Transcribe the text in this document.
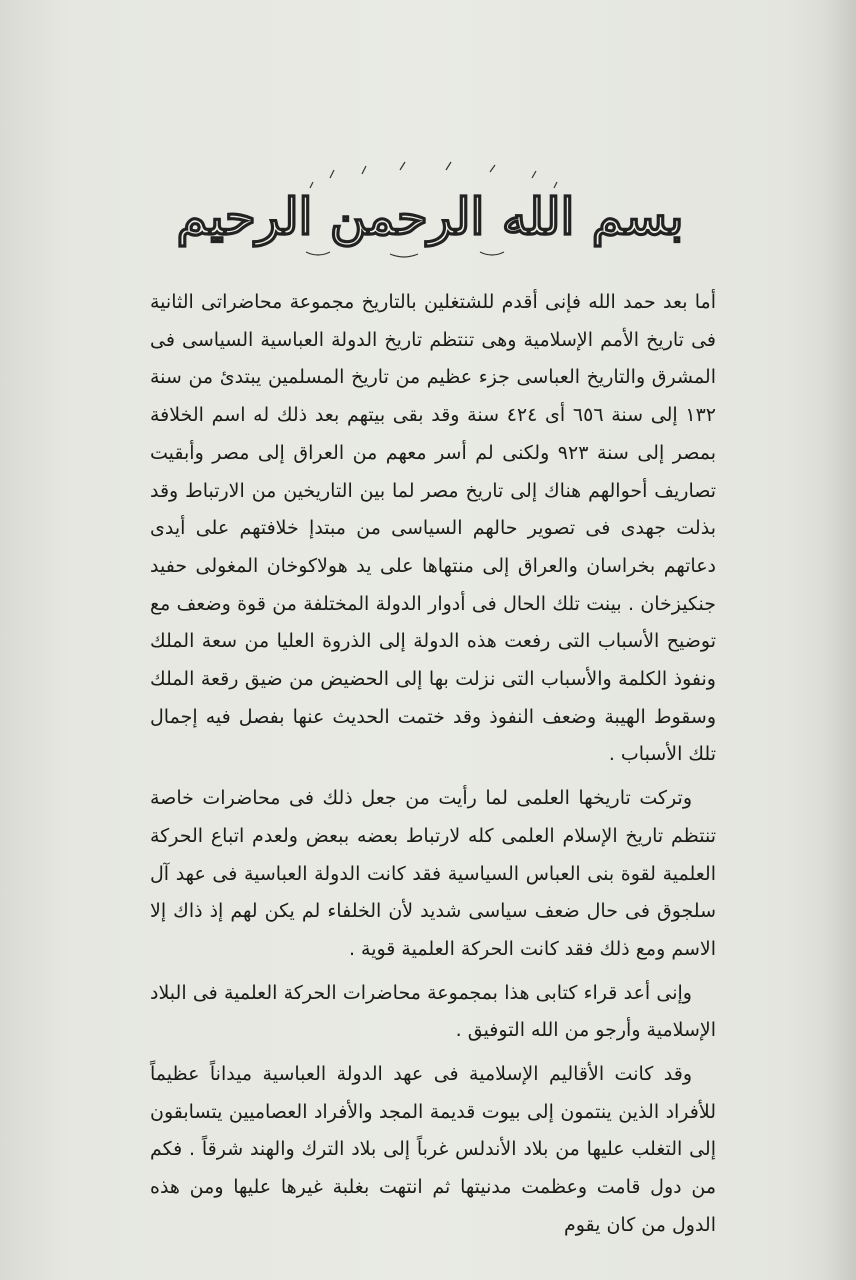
بسم الله الرحمن الرحيم

أما بعد حمد الله فإنى أقدم للشتغلين بالتاريخ مجموعة محاضراتى الثانية فى تاريخ الأمم الإسلامية وهى تنتظم تاريخ الدولة العباسية السياسى فى المشرق والتاريخ العباسى جزء عظيم من تاريخ المسلمين يبتدئ من سنة ١٣٢ إلى سنة ٦٥٦ أى ٤٢٤ سنة وقد بقى بيتهم بعد ذلك له اسم الخلافة بمصر إلى سنة ٩٢٣ ولكنى لم أسر معهم من العراق إلى مصر وأبقيت تصاريف أحوالهم هناك إلى تاريخ مصر لما بين التاريخين من الارتباط وقد بذلت جهدى فى تصوير حالهم السياسى من مبتدإ خلافتهم على أيدى دعاتهم بخراسان والعراق إلى منتهاها على يد هولاكوخان المغولى حفيد جنكيزخان . بينت تلك الحال فى أدوار الدولة المختلفة من قوة وضعف مع توضيح الأسباب التى رفعت هذه الدولة إلى الذروة العليا من سعة الملك ونفوذ الكلمة والأسباب التى نزلت بها إلى الحضيض من ضيق رقعة الملك وسقوط الهيبة وضعف النفوذ وقد ختمت الحديث عنها بفصل فيه إجمال تلك الأسباب .

وتركت تاريخها العلمى لما رأيت من جعل ذلك فى محاضرات خاصة تنتظم تاريخ الإسلام العلمى كله لارتباط بعضه ببعض ولعدم اتباع الحركة العلمية لقوة بنى العباس السياسية فقد كانت الدولة العباسية فى عهد آل سلجوق فى حال ضعف سياسى شديد لأن الخلفاء لم يكن لهم إذ ذاك إلا الاسم ومع ذلك فقد كانت الحركة العلمية قوية .

وإنى أعد قراء كتابى هذا بمجموعة محاضرات الحركة العلمية فى البلاد الإسلامية وأرجو من الله التوفيق .

وقد كانت الأقاليم الإسلامية فى عهد الدولة العباسية ميداناً عظيماً للأفراد الذين ينتمون إلى بيوت قديمة المجد والأفراد العصاميين يتسابقون إلى التغلب عليها من بلاد الأندلس غرباً إلى بلاد الترك والهند شرقاً . فكم من دول قامت وعظمت مدنيتها ثم انتهت بغلبة غيرها عليها ومن هذه الدول من كان يقوم
